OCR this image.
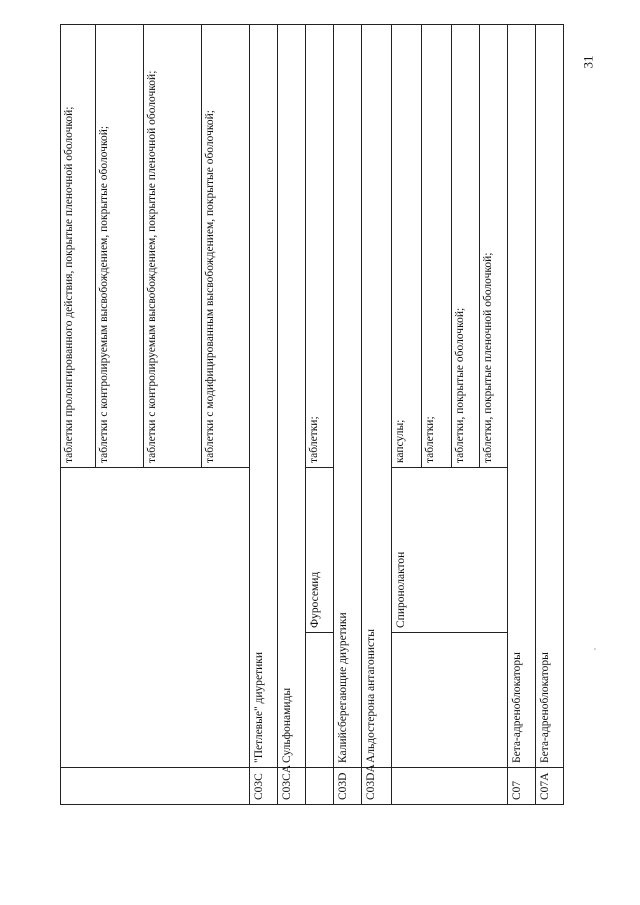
			таблетки пролонгированного действия, покрытые пленочной оболочкой;
			таблетки с контролируемым высвобождением, покрытые оболочкой;
			таблетки с контролируемым высвобождением, покрытые пленочной оболочкой;
			таблетки с модифицированным высвобождением, покрытые оболочкой;
C03C	"Петлевые" диуретики		
C03CA	Сульфонамиды		
		Фуросемид	таблетки;
C03D	Калийсберегающие диуретики		
C03DA	Альдостерона антагонисты		
		Спиронолактон	капсулы;
			таблетки;
			таблетки, покрытые оболочкой;
			таблетки, покрытые пленочной оболочкой;
C07	Бета-адреноблокаторы		
C07A	Бета-адреноблокаторы		
31
